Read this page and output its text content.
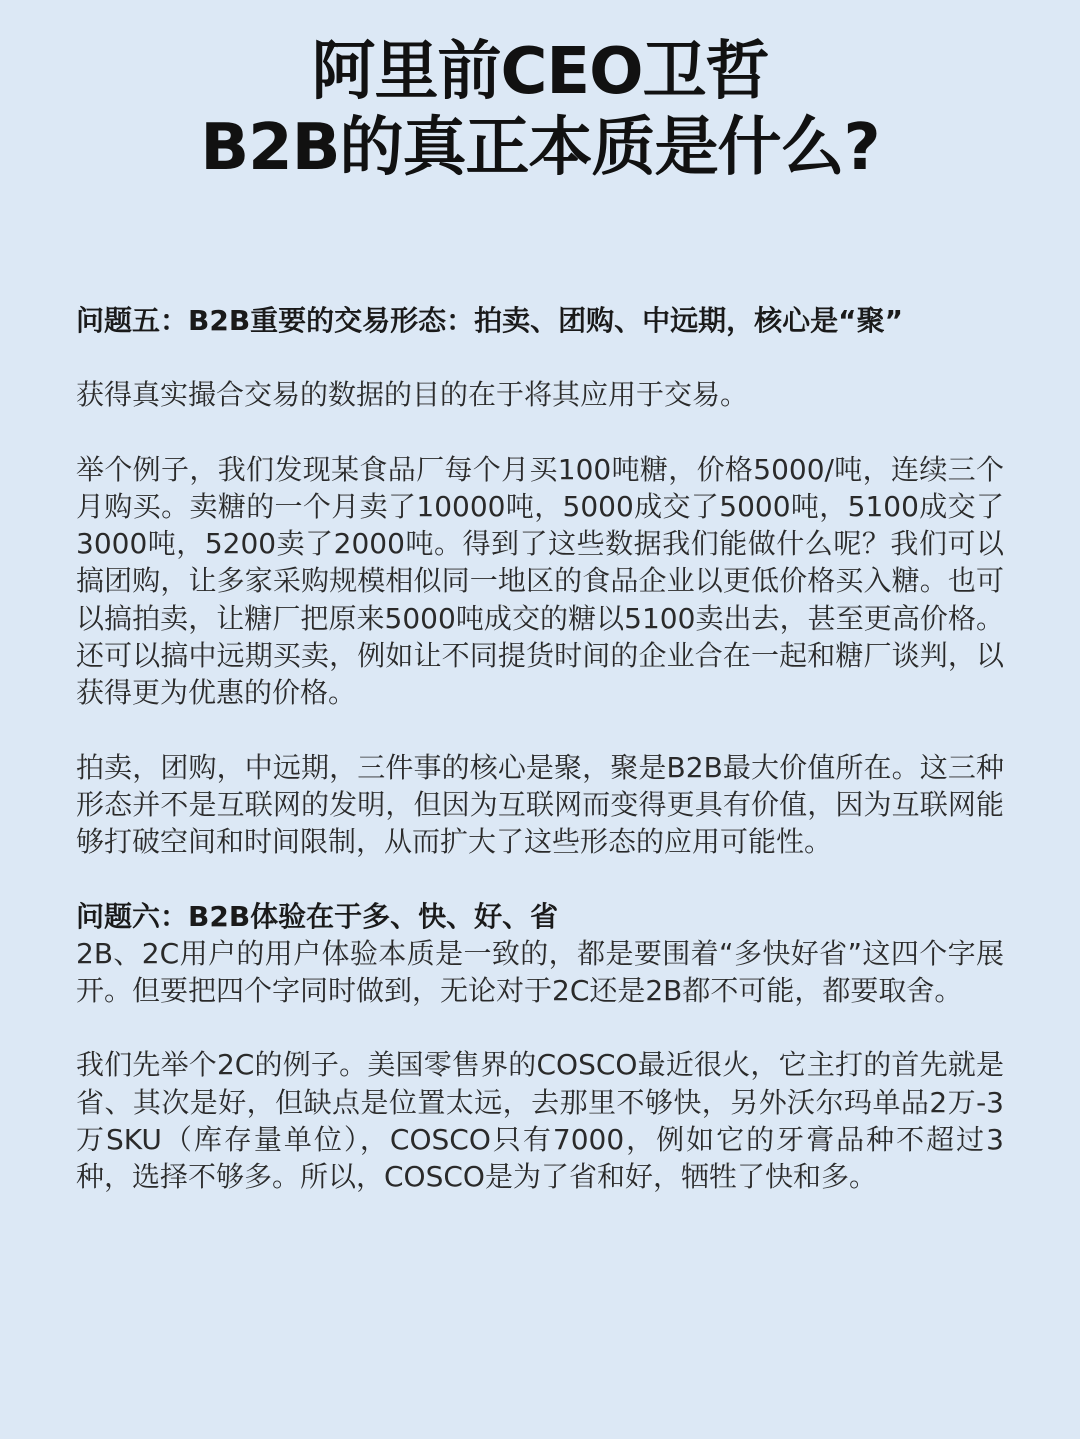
阿里前CEO卫哲
B2B的真正本质是什么?

问题五：B2B重要的交易形态：拍卖、团购、中远期，核心是“聚”

获得真实撮合交易的数据的目的在于将其应用于交易。

举个例子，我们发现某食品厂每个月买100吨糖，价格5000/吨，连续三个月购买。卖糖的一个月卖了10000吨，5000成交了5000吨，5100成交了3000吨，5200卖了2000吨。得到了这些数据我们能做什么呢？我们可以搞团购，让多家采购规模相似同一地区的食品企业以更低价格买入糖。也可以搞拍卖，让糖厂把原来5000吨成交的糖以5100卖出去，甚至更高价格。还可以搞中远期买卖，例如让不同提货时间的企业合在一起和糖厂谈判，以获得更为优惠的价格。

拍卖，团购，中远期，三件事的核心是聚，聚是B2B最大价值所在。这三种形态并不是互联网的发明，但因为互联网而变得更具有价值，因为互联网能够打破空间和时间限制，从而扩大了这些形态的应用可能性。

问题六：B2B体验在于多、快、好、省

2B、2C用户的用户体验本质是一致的，都是要围着“多快好省”这四个字展开。但要把四个字同时做到，无论对于2C还是2B都不可能，都要取舍。

我们先举个2C的例子。美国零售界的COSCO最近很火，它主打的首先就是省、其次是好，但缺点是位置太远，去那里不够快，另外沃尔玛单品2万-3万SKU（库存量单位），COSCO只有7000，例如它的牙膏品种不超过3种，选择不够多。所以，COSCO是为了省和好，牺牲了快和多。
